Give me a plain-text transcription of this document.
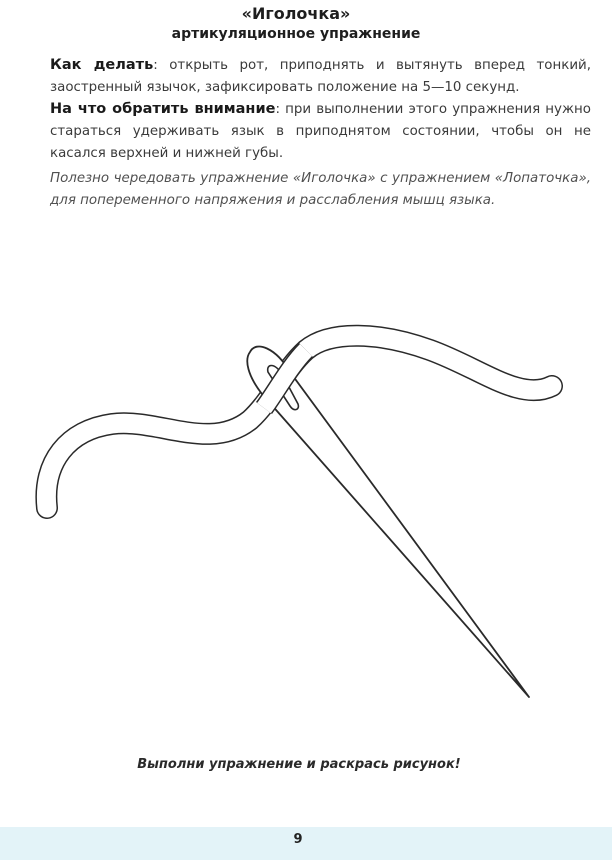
«Иголочка»
артикуляционное упражнение
Как делать: открыть рот, приподнять и вытянуть вперед тонкий, заостренный язычок, зафиксировать положение на 5—10 секунд.
На что обратить внимание: при выполнении этого упражнения нужно стараться удерживать язык в приподнятом состоянии, чтобы он не касался верхней и нижней губы.
Полезно чередовать упражнение «Иголочка» с упражнением «Лопаточка», для попеременного напряжения и расслабления мышц языка.
Выполни упражнение и раскрась рисунок!
9
